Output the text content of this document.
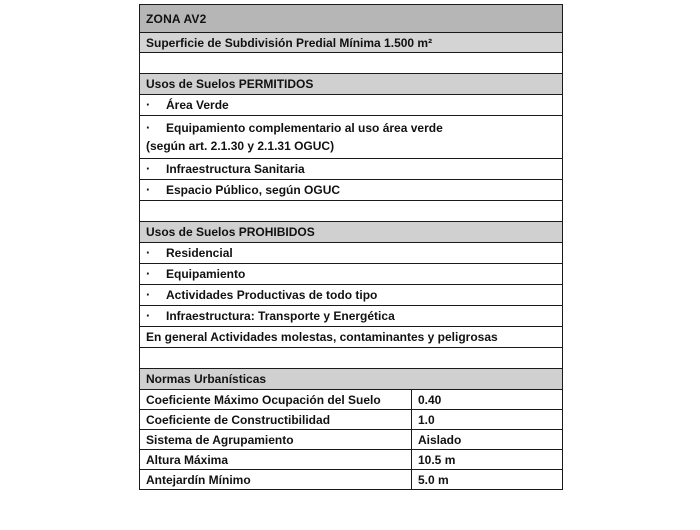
ZONA AV2	
Superficie de Subdivisión Predial Mínima 1.500 m²	

Usos de Suelos PERMITIDOS	
· Área Verde	
· Equipamiento complementario al uso área verde
(según art. 2.1.30 y 2.1.31 OGUC)	

· Infraestructura Sanitaria	
· Espacio Público, según OGUC	

Usos de Suelos PROHIBIDOS	
· Residencial	
· Equipamiento	
· Actividades Productivas de todo tipo	
· Infraestructura: Transporte y Energética	
En general Actividades molestas, contaminantes y peligrosas	

Normas Urbanísticas	
Coeficiente Máximo Ocupación del Suelo	0.40
Coeficiente de Constructibilidad	1.0
Sistema de Agrupamiento	Aislado
Altura Máxima	10.5 m
Antejardín Mínimo	5.0 m
